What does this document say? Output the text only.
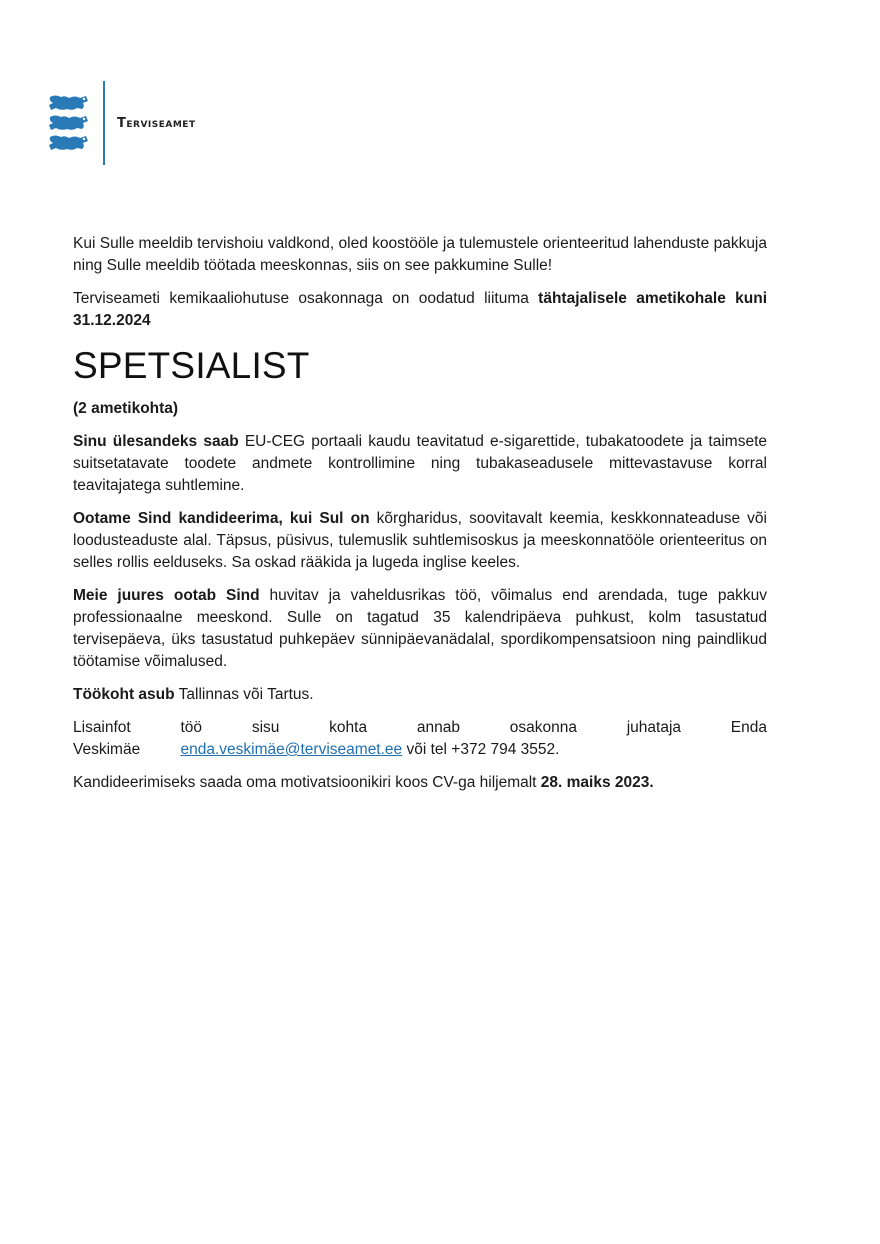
Terviseamet

Kui Sulle meeldib tervishoiu valdkond, oled koostööle ja tulemustele orienteeritud lahenduste pakkuja ning Sulle meeldib töötada meeskonnas, siis on see pakkumine Sulle!

Terviseameti kemikaaliohutuse osakonnaga on oodatud liituma tähtajalisele ametikohale kuni 31.12.2024

SPETSIALIST
(2 ametikohta)

Sinu ülesandeks saab EU-CEG portaali kaudu teavitatud e-sigarettide, tubakatoodete ja taimsete suitsetatavate toodete andmete kontrollimine ning tubakaseadusele mittevastavuse korral teavitajatega suhtlemine.

Ootame Sind kandideerima, kui Sul on kõrgharidus, soovitavalt keemia, keskkonnateaduse või loodusteaduste alal. Täpsus, püsivus, tulemuslik suhtlemisoskus ja meeskonnatööle orienteeritus on selles rollis eelduseks. Sa oskad rääkida ja lugeda inglise keeles.

Meie juures ootab Sind huvitav ja vaheldusrikas töö, võimalus end arendada, tuge pakkuv professionaalne meeskond. Sulle on tagatud 35 kalendripäeva puhkust, kolm tasustatud tervisepäeva, üks tasustatud puhkepäev sünnipäevanädalal, spordikompensatsioon ning paindlikud töötamise võimalused.

Töökoht asub Tallinnas või Tartus.

Lisainfot töö sisu kohta annab osakonna juhataja Enda Veskimäe enda.veskimäe@terviseamet.ee või tel +372 794 3552.

Kandideerimiseks saada oma motivatsioonikiri koos CV-ga hiljemalt 28. maiks 2023.
